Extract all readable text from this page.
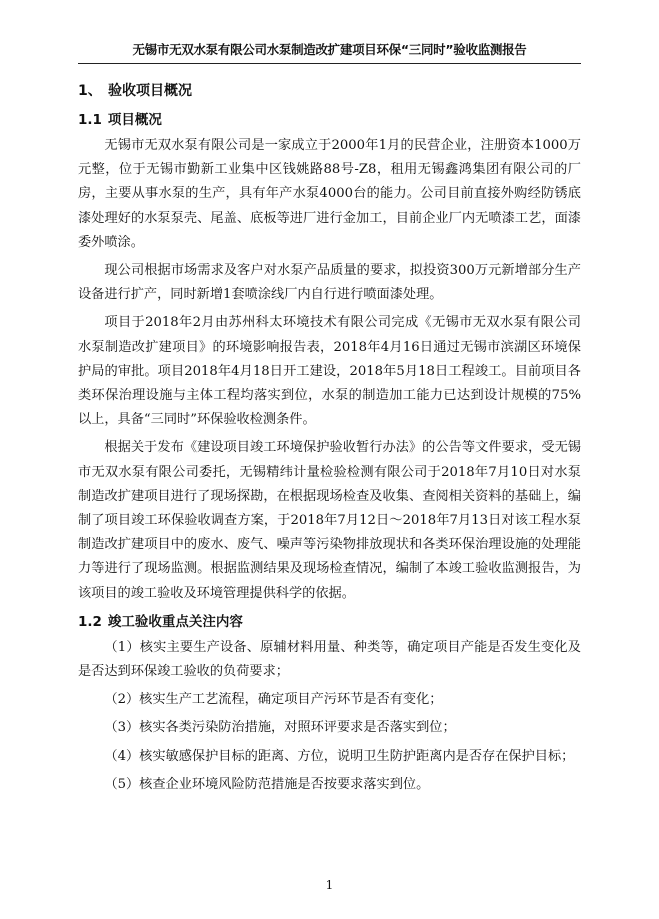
无锡市无双水泵有限公司水泵制造改扩建项目环保“三同时”验收监测报告
1、 验收项目概况
1.1 项目概况

无锡市无双水泵有限公司是一家成立于2000年1月的民营企业，注册资本1000万元整，位于无锡市勤新工业集中区钱姚路88号-Z8，租用无锡鑫鸿集团有限公司的厂房，主要从事水泵的生产，具有年产水泵4000台的能力。公司目前直接外购经防锈底漆处理好的水泵泵壳、尾盖、底板等进厂进行金加工，目前企业厂内无喷漆工艺，面漆委外喷涂。

现公司根据市场需求及客户对水泵产品质量的要求，拟投资300万元新增部分生产设备进行扩产，同时新增1套喷涂线厂内自行进行喷面漆处理。

项目于2018年2月由苏州科太环境技术有限公司完成《无锡市无双水泵有限公司水泵制造改扩建项目》的环境影响报告表，2018年4月16日通过无锡市滨湖区环境保护局的审批。项目2018年4月18日开工建设，2018年5月18日工程竣工。目前项目各类环保治理设施与主体工程均落实到位，水泵的制造加工能力已达到设计规模的75%以上，具备“三同时”环保验收检测条件。

根据关于发布《建设项目竣工环境保护验收暂行办法》的公告等文件要求，受无锡市无双水泵有限公司委托，无锡精纬计量检验检测有限公司于2018年7月10日对水泵制造改扩建项目进行了现场探勘，在根据现场检查及收集、查阅相关资料的基础上，编制了项目竣工环保验收调查方案，于2018年7月12日～2018年7月13日对该工程水泵制造改扩建项目中的废水、废气、噪声等污染物排放现状和各类环保治理设施的处理能力等进行了现场监测。根据监测结果及现场检查情况，编制了本竣工验收监测报告，为该项目的竣工验收及环境管理提供科学的依据。

1.2 竣工验收重点关注内容

（1）核实主要生产设备、原辅材料用量、种类等，确定项目产能是否发生变化及是否达到环保竣工验收的负荷要求；

（2）核实生产工艺流程，确定项目产污环节是否有变化；

（3）核实各类污染防治措施，对照环评要求是否落实到位；

（4）核实敏感保护目标的距离、方位，说明卫生防护距离内是否存在保护目标；

（5）核查企业环境风险防范措施是否按要求落实到位。

1
